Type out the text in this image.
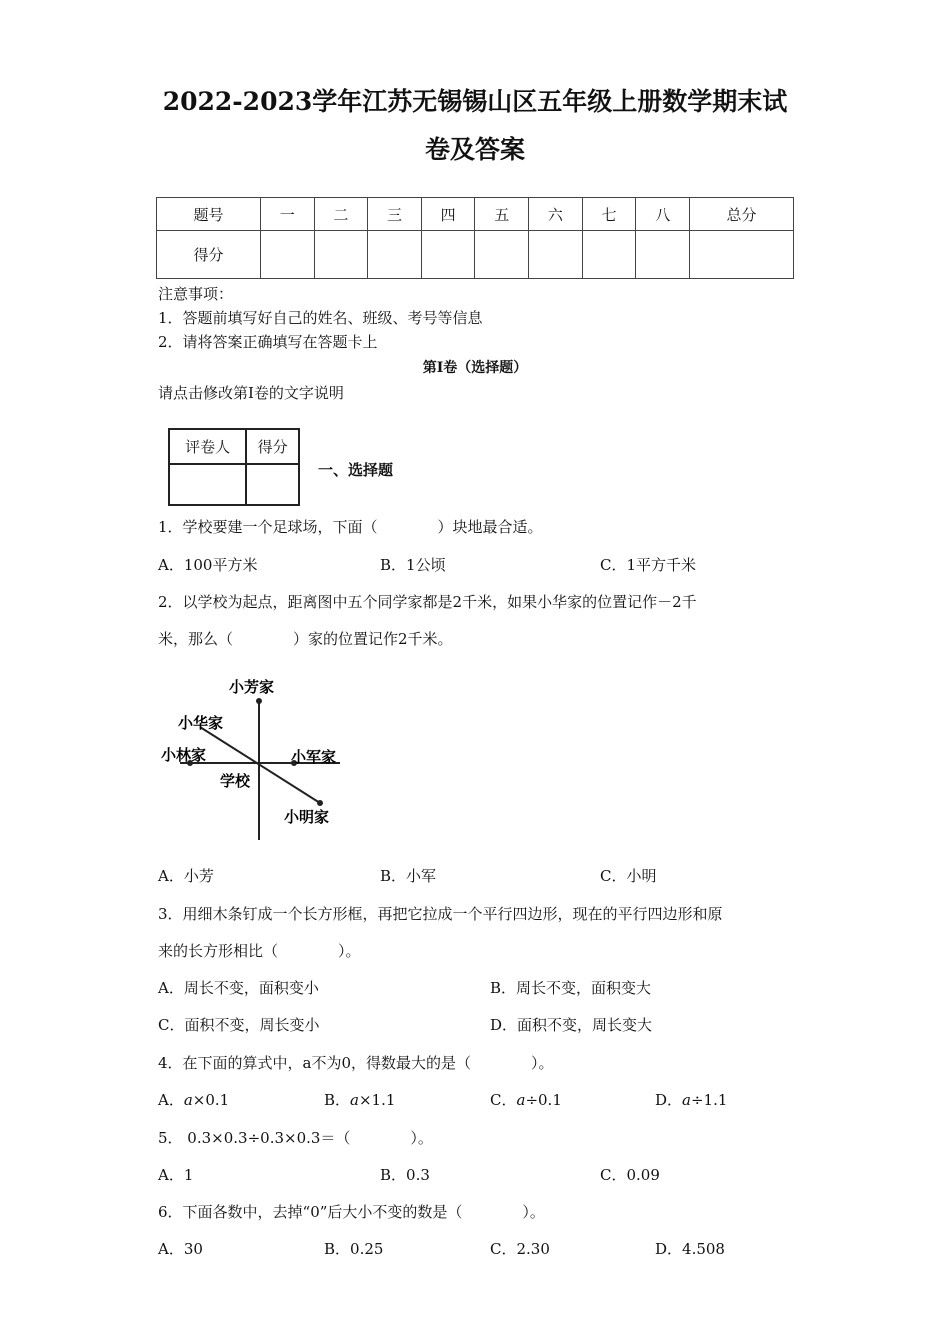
2022-2023学年江苏无锡锡山区五年级上册数学期末试
卷及答案
题号	一	二	三	四	五	六	七	八	总分
得分									
注意事项：
1．答题前填写好自己的姓名、班级、考号等信息
2．请将答案正确填写在答题卡上
第I卷（选择题）
请点击修改第I卷的文字说明
评卷人	得分

一、选择题
1．学校要建一个足球场，下面（　　　　）块地最合适。
A．100平方米	B．1公顷	C．1平方千米
2．以学校为起点，距离图中五个同学家都是2千米，如果小华家的位置记作－2千
米，那么（　　　　）家的位置记作2千米。
小芳家
小华家
小林家	小军家
学校
小明家
A．小芳	B．小军	C．小明
3．用细木条钉成一个长方形框，再把它拉成一个平行四边形，现在的平行四边形和原
来的长方形相比（　　　　）。
A．周长不变，面积变小	B．周长不变，面积变大
C．面积不变，周长变小	D．面积不变，周长变大
4．在下面的算式中，a不为0，得数最大的是（　　　　）。
A．a×0.1	B．a×1.1	C．a÷0.1	D．a÷1.1
5． 0.3×0.3÷0.3×0.3＝（　　　　）。
A．1	B．0.3	C．0.09
6．下面各数中，去掉“0”后大小不变的数是（　　　　）。
A．30	B．0.25	C．2.30	D．4.508
